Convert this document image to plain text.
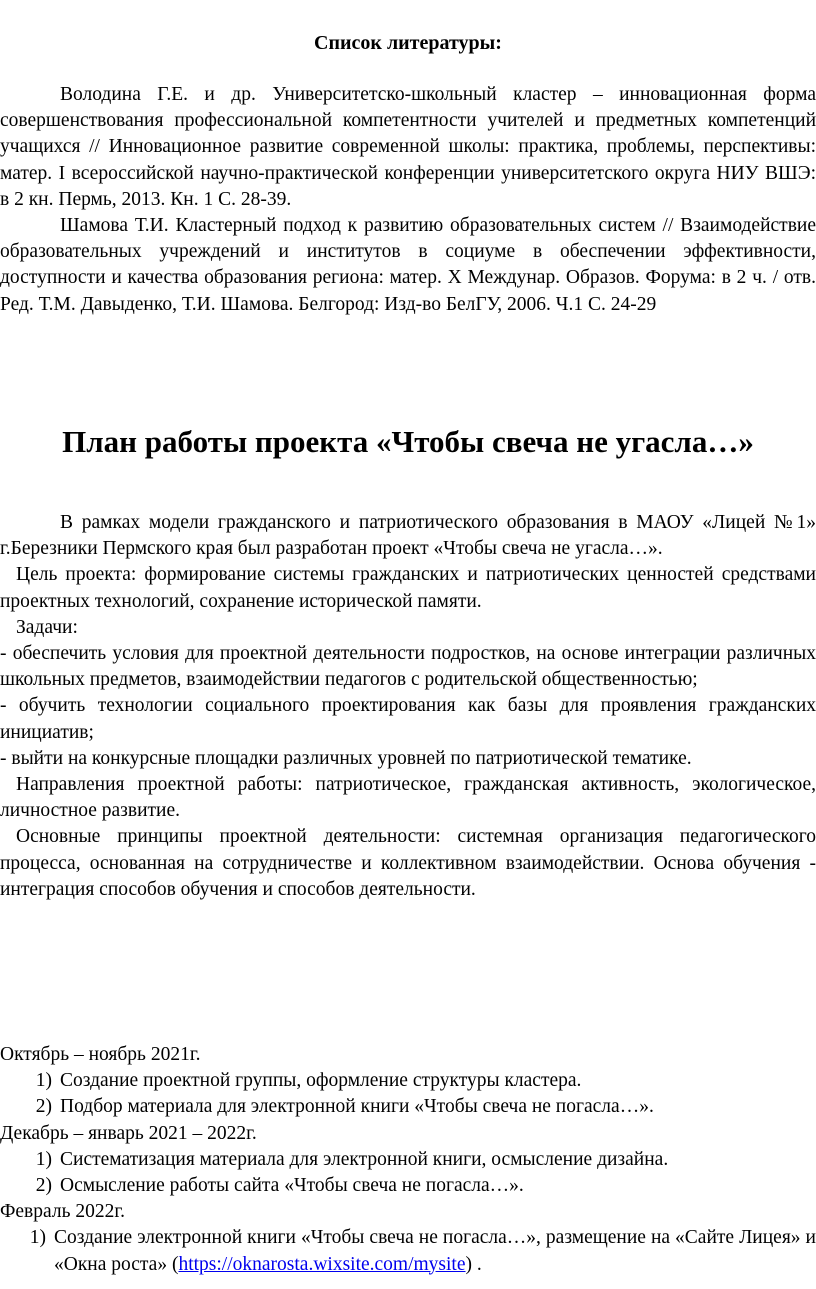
Список литературы:

Володина Г.Е. и др. Университетско-школьный кластер – инновационная форма совершенствования профессиональной компетентности учителей и предметных компетенций учащихся // Инновационное развитие современной школы: практика, проблемы, перспективы: матер. I всероссийской научно-практической конференции университетского округа НИУ ВШЭ: в 2 кн. Пермь, 2013. Кн. 1 С. 28-39.

Шамова Т.И. Кластерный подход к развитию образовательных систем // Взаимодействие образовательных учреждений и институтов в социуме в обеспечении эффективности, доступности и качества образования региона: матер. X Междунар. Образов. Форума: в 2 ч. / отв. Ред. Т.М. Давыденко, Т.И. Шамова. Белгород: Изд-во БелГУ, 2006. Ч.1 С. 24-29

План работы проекта «Чтобы свеча не угасла…»

В рамках модели гражданского и патриотического образования в МАОУ «Лицей №1» г.Березники Пермского края был разработан проект «Чтобы свеча не угасла…».

Цель проекта: формирование системы гражданских и патриотических ценностей средствами проектных технологий, сохранение исторической памяти.

Задачи:

- обеспечить условия для проектной деятельности подростков, на основе интеграции различных школьных предметов, взаимодействии педагогов с родительской общественностью;

- обучить технологии социального проектирования как базы для проявления гражданских инициатив;

- выйти на конкурсные площадки различных уровней по патриотической тематике.

Направления проектной работы: патриотическое, гражданская активность, экологическое, личностное развитие.

Основные принципы проектной деятельности: системная организация педагогического процесса, основанная на сотрудничестве и коллективном взаимодействии. Основа обучения - интеграция способов обучения и способов деятельности.

Октябрь – ноябрь 2021г.

1) Создание проектной группы, оформление структуры кластера.
2) Подбор материала для электронной книги «Чтобы свеча не погасла…».

Декабрь – январь 2021 – 2022г.

1) Систематизация материала для электронной книги, осмысление дизайна.
2) Осмысление работы сайта «Чтобы свеча не погасла…».

Февраль 2022г.

1) Создание электронной книги «Чтобы свеча не погасла…», размещение на «Сайте Лицея» и «Окна роста» (https://oknarosta.wixsite.com/mysite) .
